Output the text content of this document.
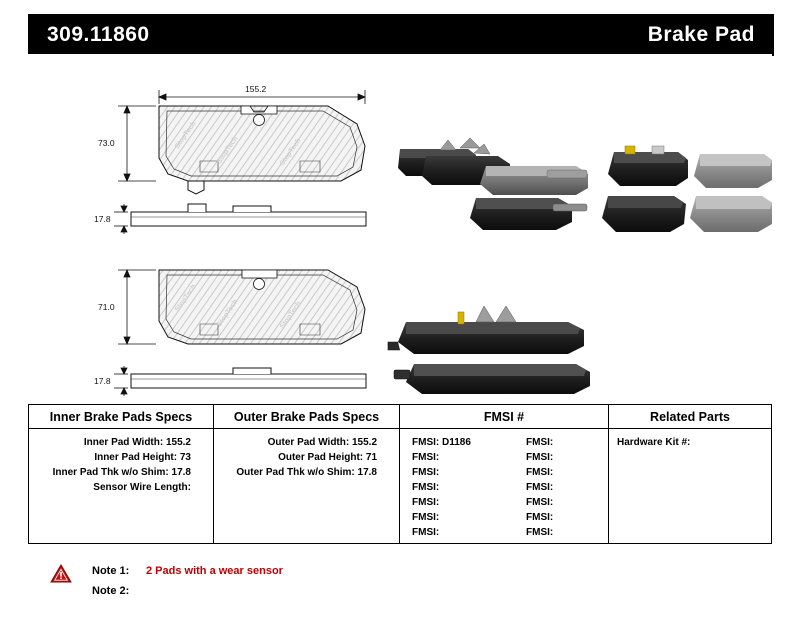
309.11860	Brake Pad
StopTech
StopTech	StopTech
StopTech
StopTech	StopTech
155.2
73.0
17.8
71.0
17.8
Inner Brake Pads Specs
Inner Pad Width: 155.2
Inner Pad Height: 73
Inner Pad Thk w/o Shim: 17.8
Sensor Wire Length:
Outer Brake Pads Specs
Outer Pad Width: 155.2
Outer Pad Height: 71
Outer Pad Thk w/o Shim: 17.8
FMSI #
FMSI: D1186
FMSI:
FMSI:
FMSI:
FMSI:
FMSI:
FMSI:
FMSI:
FMSI:
FMSI:
FMSI:
FMSI:
FMSI:
FMSI:
Related Parts
Hardware Kit #:
Note 1: 2 Pads with a wear sensor
Note 2:
